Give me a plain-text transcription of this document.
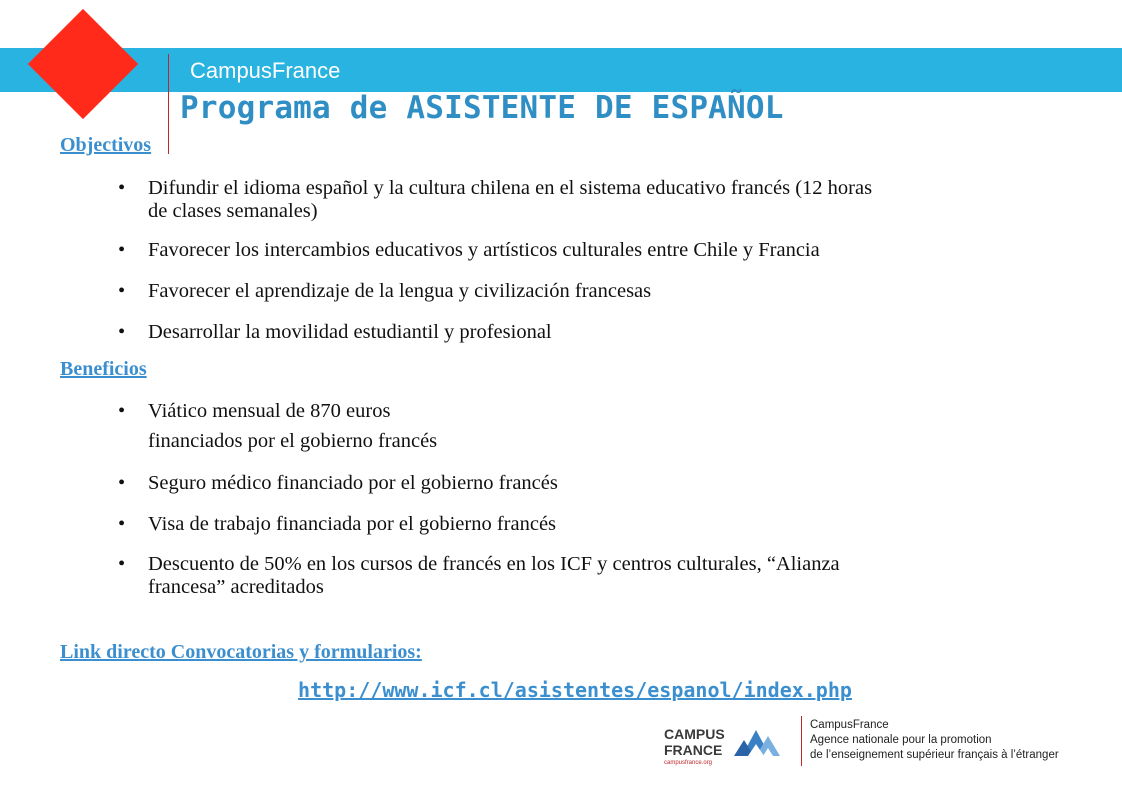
CampusFrance
Programa de ASISTENTE DE ESPAÑOL
Objectivos
• Difundir el idioma español y la cultura chilena en el sistema educativo francés (12 horas
de clases semanales)
• Favorecer los intercambios educativos y artísticos culturales entre Chile y Francia
• Favorecer el aprendizaje de la lengua y civilización francesas
• Desarrollar la movilidad estudiantil y profesional
Beneficios
• Viático mensual de 870 euros
financiados por el gobierno francés
• Seguro médico financiado por el gobierno francés
• Visa de trabajo financiada por el gobierno francés
• Descuento de 50% en los cursos de francés en los ICF y centros culturales, “Alianza
francesa” acreditados
Link directo Convocatorias y formularios:
http://www.icf.cl/asistentes/espanol/index.php
CAMPUS
FRANCE
campusfrance.org
CampusFrance
Agence nationale pour la promotion
de l’enseignement supérieur français à l’étranger
